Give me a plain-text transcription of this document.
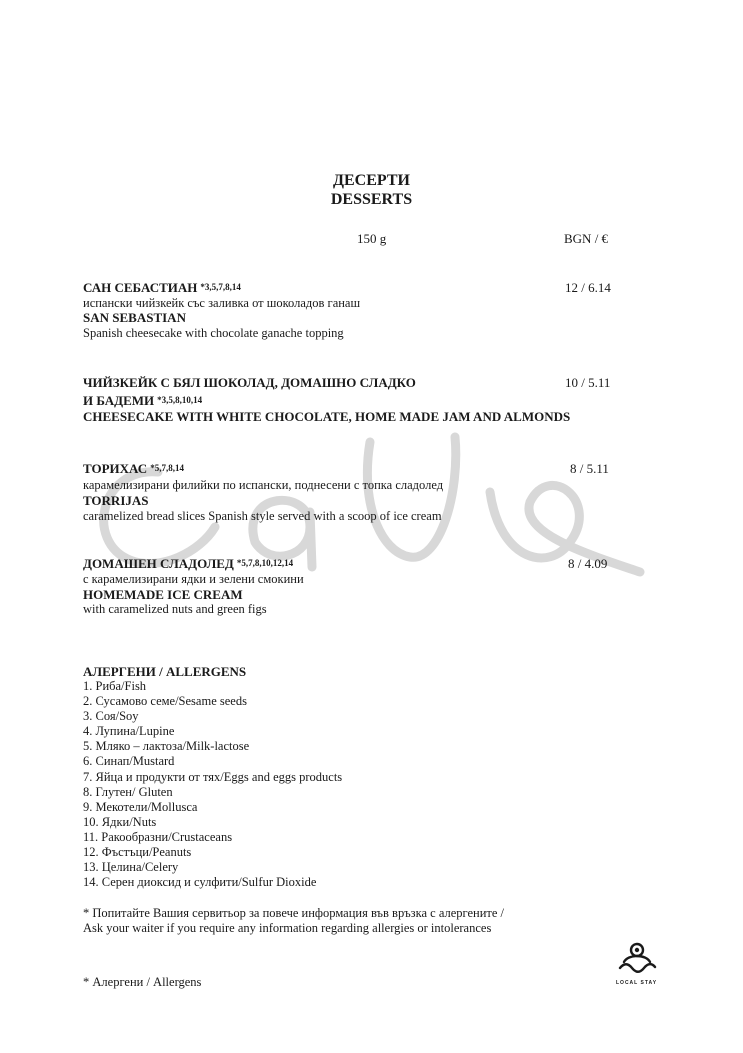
ДЕСЕРТИ
DESSERTS
150 g	BGN / €
САН СЕБАСТИАН *3,5,7,8,14	12 / 6.14
испански чийзкейк със заливка от шоколадов ганаш
SAN SEBASTIAN
Spanish cheesecake with chocolate ganache topping
ЧИЙЗКЕЙК С БЯЛ ШОКОЛАД, ДОМАШНО СЛАДКО	10 / 5.11
И БАДЕМИ *3,5,8,10,14
CHEESECAKE WITH WHITE CHOCOLATE, HOME MADE JAM AND ALMONDS
ТОРИХАС *5,7,8,14	8 / 5.11
карамелизирани филийки по испански, поднесени с топка сладолед
TORRIJAS
caramelized bread slices Spanish style served with a scoop of ice cream
ДОМАШЕН СЛАДОЛЕД *5,7,8,10,12,14	8 / 4.09
с карамелизирани ядки и зелени смокини
HOMEMADE ICE CREAM
with caramelized nuts and green figs
АЛЕРГЕНИ / ALLERGENS
1. Риба/Fish
2. Сусамово семе/Sesame seeds
3. Соя/Soy
4. Лупина/Lupine
5. Мляко – лактоза/Milk-lactose
6. Синап/Mustard
7. Яйца и продукти от тях/Eggs and eggs products
8. Глутен/ Gluten
9. Мекотели/Mollusca
10. Ядки/Nuts
11. Ракообразни/Crustaceans
12. Фъстъци/Peanuts
13. Целина/Celery
14. Серен диоксид и сулфити/Sulfur Dioxide
* Попитайте Вашия сервитьор за повече информация във връзка с алергените /
Ask your waiter if you require any information regarding allergies or intolerances
* Алергени / Allergens	LOCAL STAY
